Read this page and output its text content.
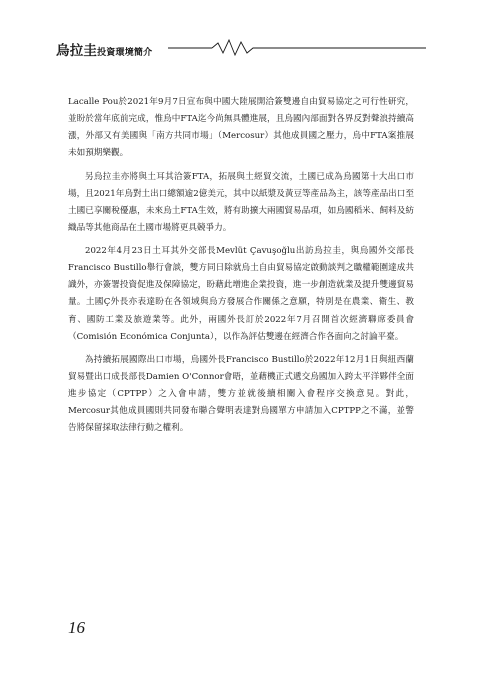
烏拉圭投資環境簡介

Lacalle Pou於2021年9月7日宣布與中國大陸展開洽簽雙邊自由貿易協定之可行性研究，並盼於當年底前完成，惟烏中FTA迄今尚無具體進展，且烏國內部面對各界反對聲浪持續高漲，外部又有美國與「南方共同市場」（Mercosur）其他成員國之壓力，烏中FTA案推展未如預期樂觀。

另烏拉圭亦將與土耳其洽簽FTA，拓展與土經貿交流，土國已成為烏國第十大出口市場，且2021年烏對土出口總額逾2億美元，其中以紙漿及黃豆等產品為主，該等產品出口至土國已享關稅優惠，未來烏土FTA生效，將有助擴大兩國貿易品項，如烏國稻米、飼料及紡織品等其他商品在土國市場將更具競爭力。

2022年4月23日土耳其外交部長Mevlüt Çavuşoğlu出訪烏拉圭，與烏國外交部長Francisco Bustillo舉行會談，雙方同日除就烏土自由貿易協定啟動談判之職權範圍達成共識外，亦簽署投資促進及保障協定，盼藉此增進企業投資，進一步創造就業及提升雙邊貿易量。土國Ç外長亦表達盼在各領域與烏方發展合作關係之意願，特別是在農業、衛生、教育、國防工業及旅遊業等。此外，兩國外長訂於2022年7月召開首次經濟聯席委員會（Comisión Económica Conjunta），以作為評估雙邊在經濟合作各面向之討論平臺。

為持續拓展國際出口市場，烏國外長Francisco Bustillo於2022年12月1日與紐西蘭貿易暨出口成長部長Damien O'Connor會晤，並藉機正式遞交烏國加入跨太平洋夥伴全面進步協定（CPTPP）之入會申請，雙方並就後續相關入會程序交換意見。對此，Mercosur其他成員國則共同發布聯合聲明表達對烏國單方申請加入CPTPP之不滿，並警告將保留採取法律行動之權利。

16
